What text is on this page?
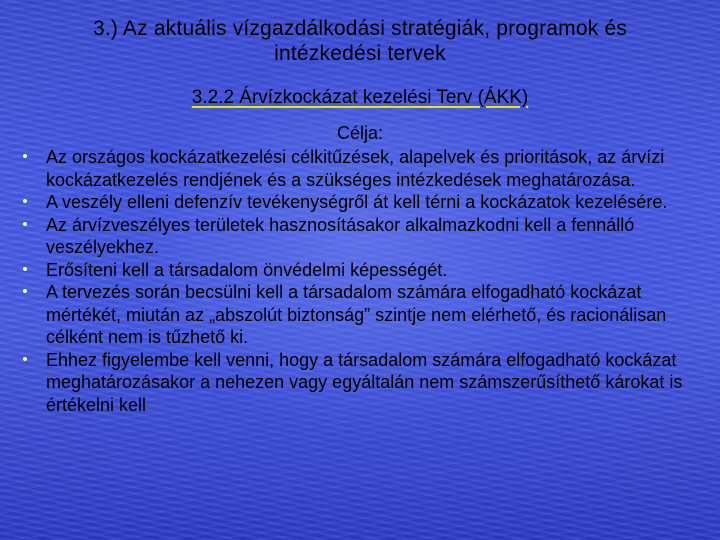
3.) Az aktuális vízgazdálkodási stratégiák, programok és
intézkedési tervek
3.2.2 Árvízkockázat kezelési Terv (ÁKK)
Célja:
• Az országos kockázatkezelési célkitűzések, alapelvek és prioritások, az árvízi kockázatkezelés rendjének és a szükséges intézkedések meghatározása.
• A veszély elleni defenzív tevékenységről át kell térni a kockázatok kezelésére.
• Az árvízveszélyes területek hasznosításakor alkalmazkodni kell a fennálló veszélyekhez.
• Erősíteni kell a társadalom önvédelmi képességét.
• A tervezés során becsülni kell a társadalom számára elfogadható kockázat mértékét, miután az „abszolút biztonság” szintje nem elérhető, és racionálisan célként nem is tűzhető ki.
• Ehhez figyelembe kell venni, hogy a társadalom számára elfogadható kockázat meghatározásakor a nehezen vagy egyáltalán nem számszerűsíthető károkat is értékelni kell
